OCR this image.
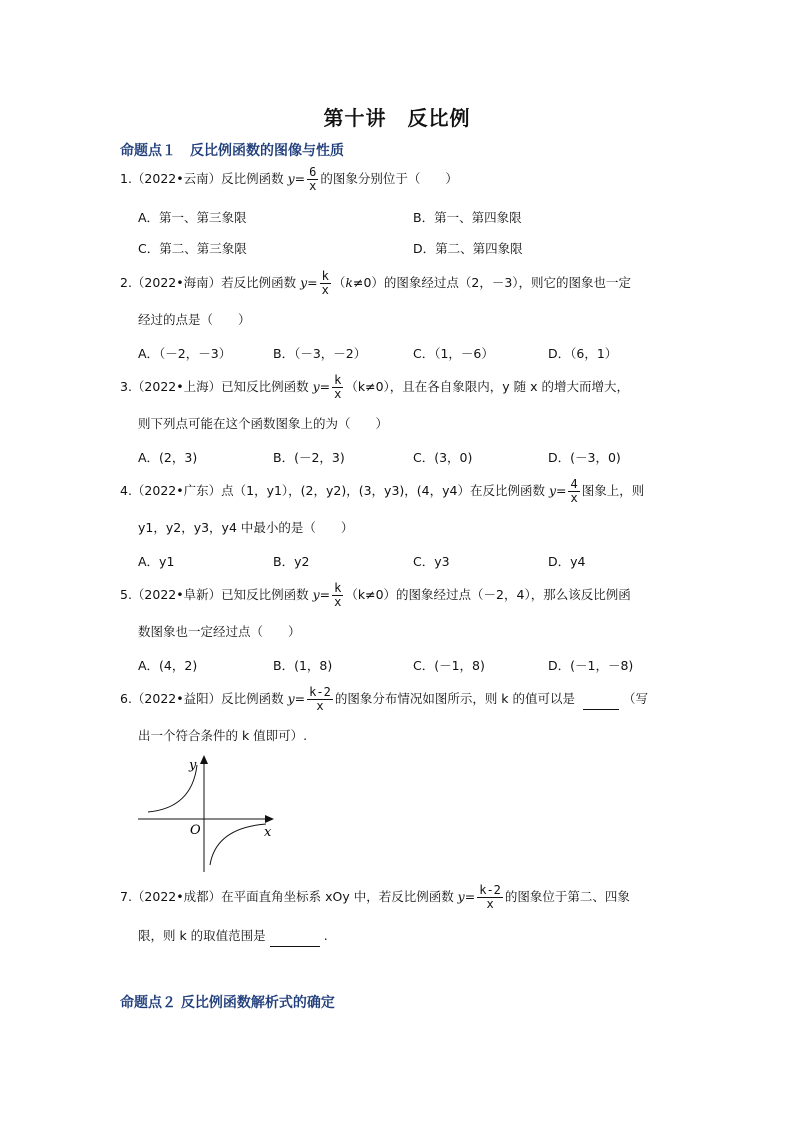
第十讲　反比例
命题点１　反比例函数的图像与性质
1.（2022•云南）反比例函数 $y= \frac{6}{x}$ 的图象分别位于（　　）
A．第一、第三象限	B．第一、第四象限
C．第二、第三象限	D．第二、第四象限
2.（2022•海南）若反比例函数 $y= \frac{k}{x} (k\ne 0)$的图象经过点（2，－3），则它的图象也一定
经过的点是（　　）
A．（－2，－3）	B．（－3，－2）	C．（1，－6）	D．（6，1）
3.（2022•上海）已知反比例函数 $y= \frac{k}{x} (k\ne 0)$，且在各自象限内，y 随 x 的增大而增大，
则下列点可能在这个函数图象上的为（　　）
A．(2，3)	B．(－2，3)	C．(3，0)	D．(－3，0)
4.（2022•广东）点（1，y1），(2，y2)，(3，y3)，(4，y4）在反比例函数 $y= \frac{4}{x}$ 图象上，则
y1，y2，y3，y4 中最小的是（　　）
A．y1	B．y2	C．y3	D．y4
5.（2022•阜新）已知反比例函数 $y= \frac{k}{x} (k\ne 0)$的图象经过点（－2，4），那么该反比例函
数图象也一定经过点（　　）
A．(4，2)	B．(1，8)	C．(－1，8)	D．(－1，－8)
6.（2022•益阳）反比例函数 $y= \frac{k-2}{x}$ 的图象分布情况如图所示，则 k 的值可以是	（写
出一个符合条件的 k 值即可）.
y
x
O
7.（2022•成都）在平面直角坐标系 xOy 中，若反比例函数 $y= \frac{k-2}{x}$ 的图象位于第二、四象
限，则 k 的取值范围是	.
命题点２ 反比例函数解析式的确定
